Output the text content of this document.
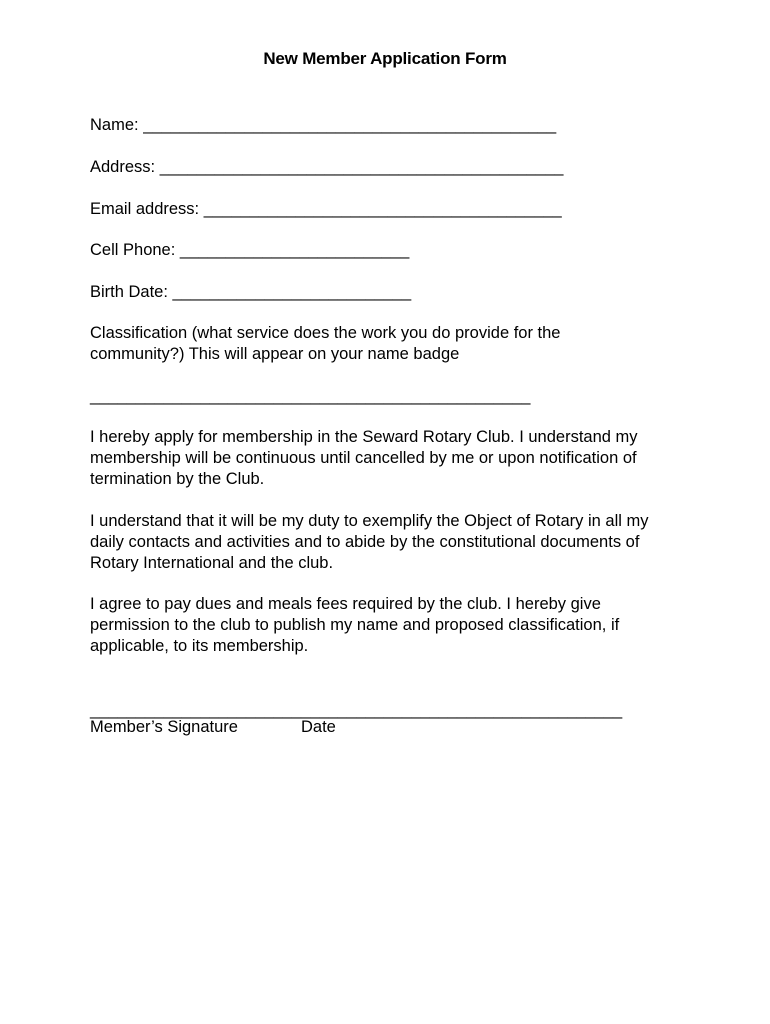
New Member Application Form
Name: _____________________________________________
Address: ____________________________________________
Email address: _______________________________________
Cell Phone: _________________________
Birth Date: __________________________
Classification (what service does the work you do provide for the community?) This will appear on your name badge
________________________________________________
I hereby apply for membership in the Seward Rotary Club. I understand my membership will be continuous until cancelled by me or upon notification of termination by the Club.
I understand that it will be my duty to exemplify the Object of Rotary in all my daily contacts and activities and to abide by the constitutional documents of Rotary International and the club.
I agree to pay dues and meals fees required by the club. I hereby give permission to the club to publish my name and proposed classification, if applicable, to its membership.
__________________________________________________________
Member’s Signature	Date
